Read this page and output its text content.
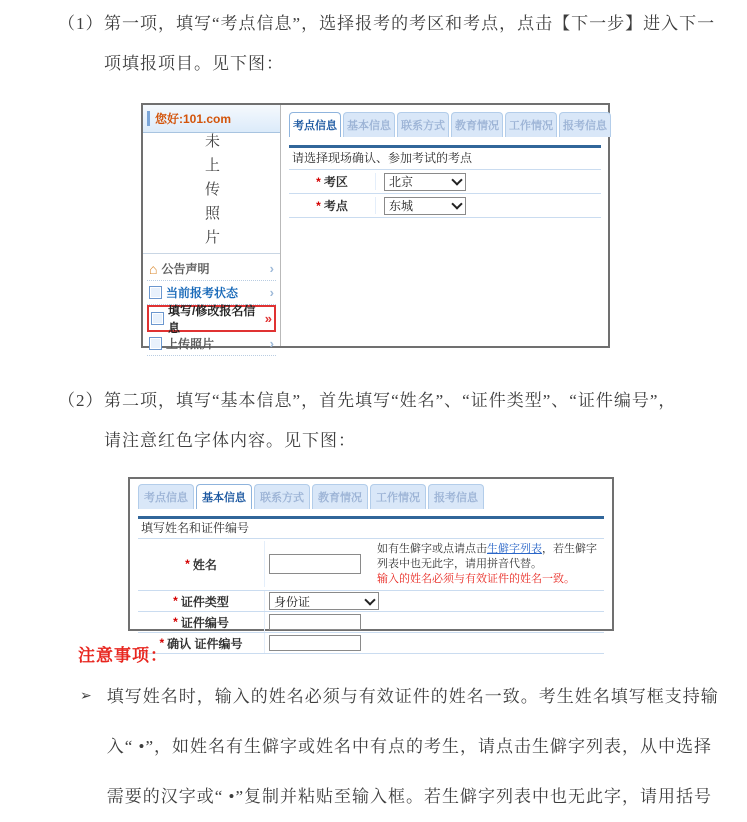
（1） 第一项，填写“考点信息”，选择报考的考区和考点，点击【下一步】进入下一
项填报项目。见下图：
您好:101.com
未上传照片
⌂ 公告声明	›
当前报考状态 ›
填写/修改报名信息
»
上传照片	›
考点信息 基本信息 联系方式 教育情况 工作情况 报考信息
请选择现场确认、参加考试的考点
* 考区	北京
* 考点	东城
（2） 第二项，填写“基本信息”，首先填写“姓名”、“证件类型”、“证件编号”，
请注意红色字体内容。见下图：
考点信息	基本信息	联系方式	教育情况	工作情况	报考信息
填写姓名和证件编号
* 姓名
如有生僻字或点请点击生僻字列表，若生僻字列表中也无此字，请用拼音代替。
输入的姓名必须与有效证件的姓名一致。
* 证件类型	身份证
* 证件编号
* 确认 证件编号
注意事项：
➢ 填写姓名时，输入的姓名必须与有效证件的姓名一致。考生姓名填写框支持输
入“ •”，如姓名有生僻字或姓名中有点的考生，请点击生僻字列表，从中选择
需要的汉字或“ •”复制并粘贴至输入框。若生僻字列表中也无此字，请用括号
